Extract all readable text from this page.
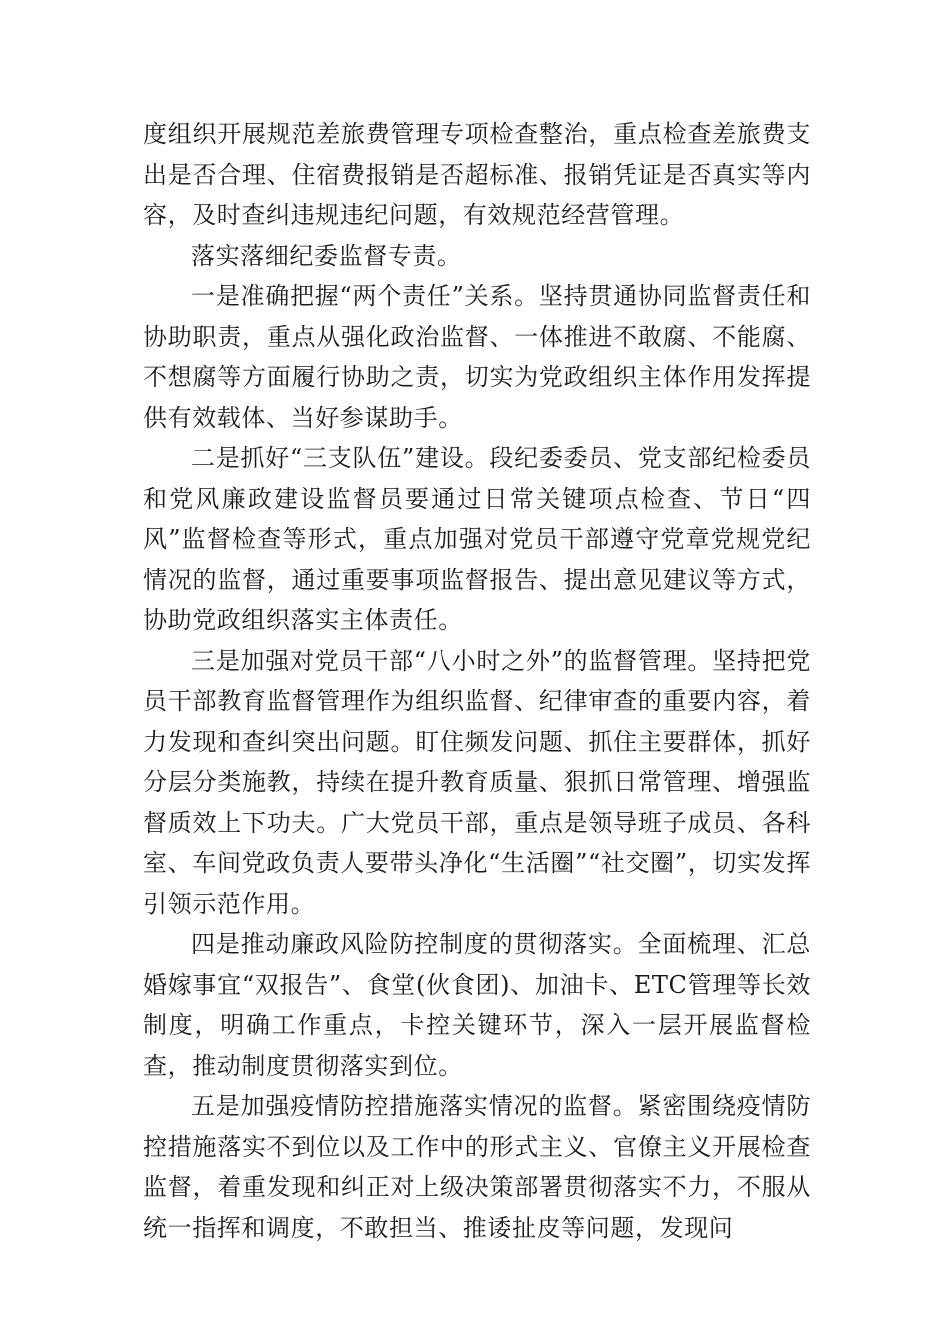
度组织开展规范差旅费管理专项检查整治，重点检查差旅费支出是否合理、住宿费报销是否超标准、报销凭证是否真实等内容，及时查纠违规违纪问题，有效规范经营管理。

落实落细纪委监督专责。

一是准确把握“两个责任”关系。坚持贯通协同监督责任和协助职责，重点从强化政治监督、一体推进不敢腐、不能腐、不想腐等方面履行协助之责，切实为党政组织主体作用发挥提供有效载体、当好参谋助手。

二是抓好“三支队伍”建设。段纪委委员、党支部纪检委员和党风廉政建设监督员要通过日常关键项点检查、节日“四风”监督检查等形式，重点加强对党员干部遵守党章党规党纪情况的监督，通过重要事项监督报告、提出意见建议等方式，协助党政组织落实主体责任。

三是加强对党员干部“八小时之外”的监督管理。坚持把党员干部教育监督管理作为组织监督、纪律审查的重要内容，着力发现和查纠突出问题。盯住频发问题、抓住主要群体，抓好分层分类施教，持续在提升教育质量、狠抓日常管理、增强监督质效上下功夫。广大党员干部，重点是领导班子成员、各科室、车间党政负责人要带头净化“生活圈”“社交圈”，切实发挥引领示范作用。

四是推动廉政风险防控制度的贯彻落实。全面梳理、汇总婚嫁事宜“双报告”、食堂(伙食团)、加油卡、ETC管理等长效制度，明确工作重点，卡控关键环节，深入一层开展监督检查，推动制度贯彻落实到位。

五是加强疫情防控措施落实情况的监督。紧密围绕疫情防控措施落实不到位以及工作中的形式主义、官僚主义开展检查监督，着重发现和纠正对上级决策部署贯彻落实不力，不服从统一指挥和调度，不敢担当、推诿扯皮等问题，发现问
